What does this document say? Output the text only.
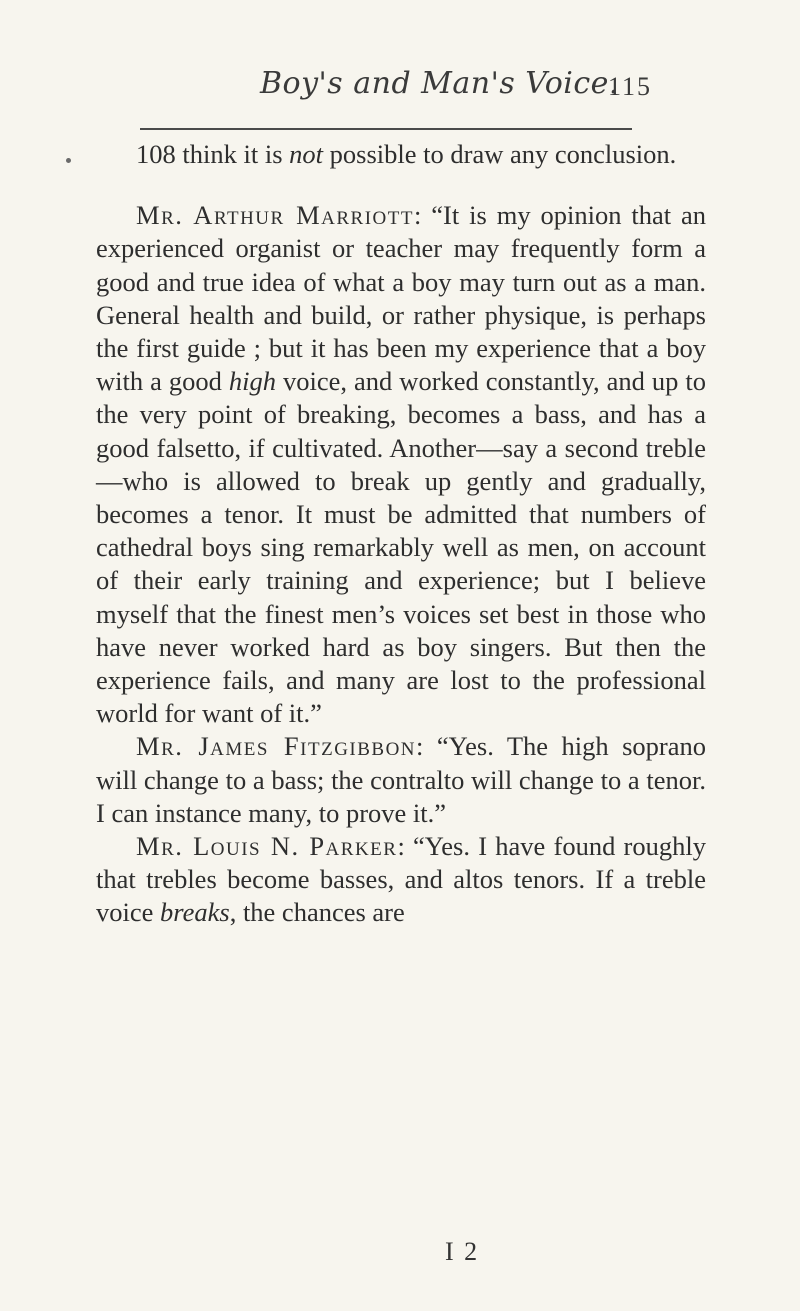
Boy's and Man's Voice.
115

108 think it is not possible to draw any conclusion.

Mr. Arthur Marriott: “It is my opinion that an experienced organist or teacher may frequently form a good and true idea of what a boy may turn out as a man. General health and build, or rather physique, is perhaps the first guide ; but it has been my experience that a boy with a good high voice, and worked constantly, and up to the very point of breaking, becomes a bass, and has a good falsetto, if cultivated. Another—say a second treble—who is allowed to break up gently and gradually, becomes a tenor. It must be admitted that numbers of cathedral boys sing remarkably well as men, on account of their early training and experience; but I believe myself that the finest men’s voices set best in those who have never worked hard as boy singers. But then the experience fails, and many are lost to the professional world for want of it.”

Mr. James Fitzgibbon: “Yes. The high soprano will change to a bass; the contralto will change to a tenor. I can instance many, to prove it.”

Mr. Louis N. Parker: “Yes. I have found roughly that trebles become basses, and altos tenors. If a treble voice breaks, the chances are

I 2
